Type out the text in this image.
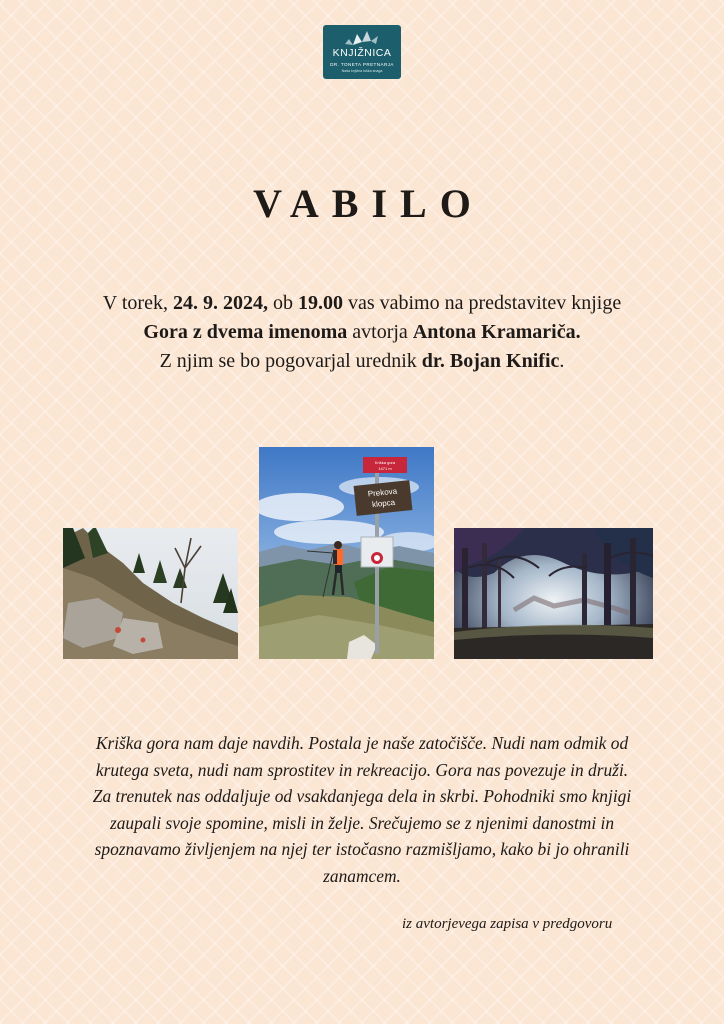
KNJIŽNICA
DR. TONETA PRETNARJA
Naša knjižna luška snaga
VABILO
V torek, 24. 9. 2024, ob 19.00 vas vabimo na predstavitev knjige
Gora z dvema imenoma avtorja Antona Kramariča.
Z njim se bo pogovarjal urednik dr. Bojan Knific.
Kriška gora
1471 m
Prekova
klopca
Kriška gora nam daje navdih. Postala je naše zatočišče. Nudi nam odmik od
krutega sveta, nudi nam sprostitev in rekreacijo. Gora nas povezuje in druži.
Za trenutek nas oddaljuje od vsakdanjega dela in skrbi. Pohodniki smo knjigi
zaupali svoje spomine, misli in želje. Srečujemo se z njenimi danostmi in
spoznavamo življenjem na njej ter istočasno razmišljamo, kako bi jo ohranili
zanamcem.
iz avtorjevega zapisa v predgovoru
